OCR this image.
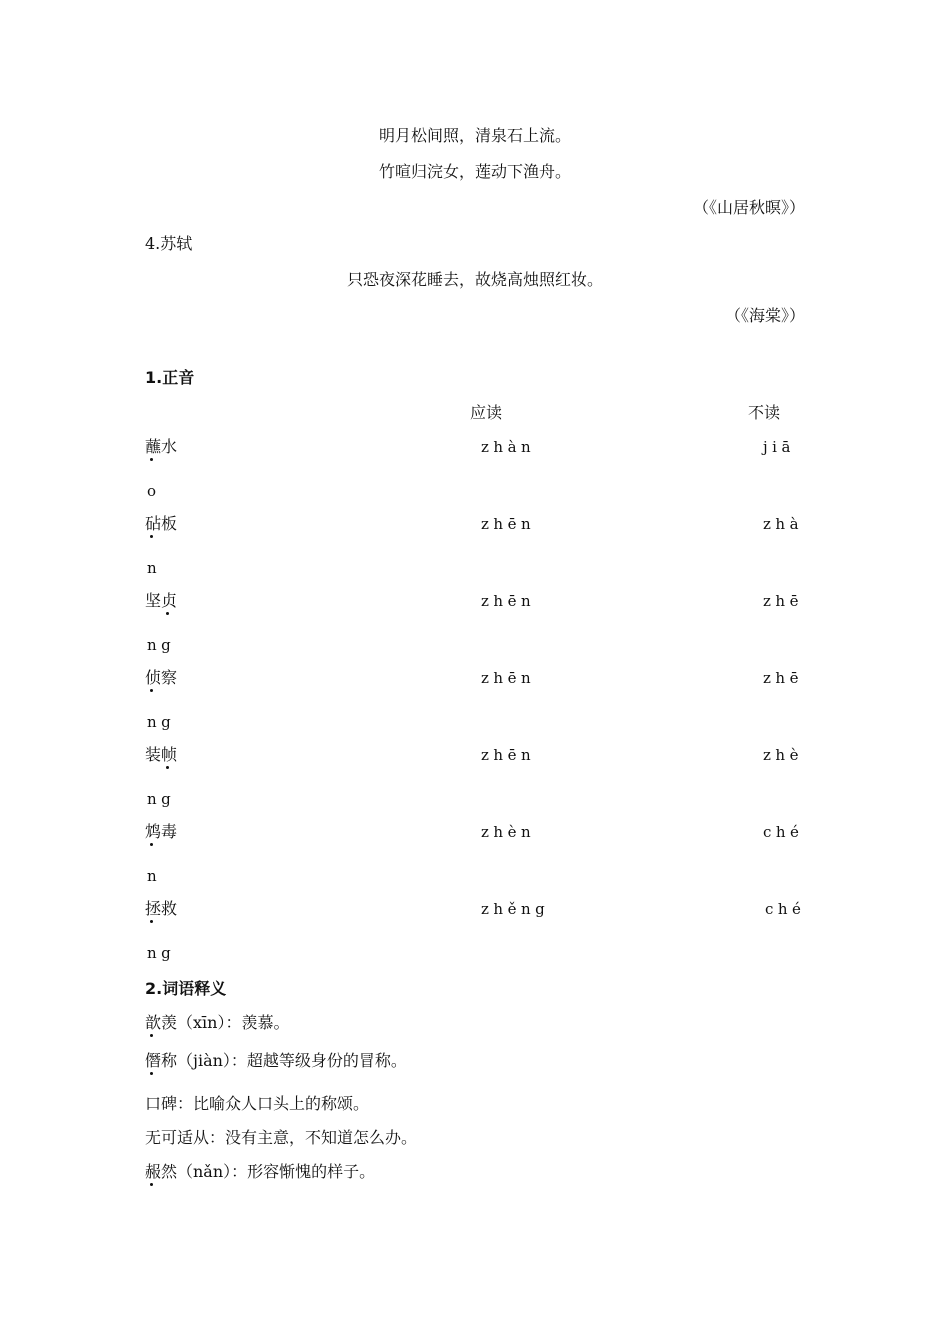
明月松间照，清泉石上流。
竹喧归浣女，莲动下渔舟。
（《山居秋暝》）
4.苏轼
只恐夜深花睡去，故烧高烛照红妆。
（《海棠》）
1.正音
应读	不读
蘸水	zhàn	jiā
o
砧板	zhēn	zhà
n
坚贞	zhēn	zhē
ng
侦察	zhēn	zhē
ng
装帧	zhēn	zhè
ng
鸩毒	zhèn	ché
n
拯救	zhěng	ché
ng
2.词语释义
歆羡（xīn）：羡慕。
僭称（jiàn）：超越等级身份的冒称。
口碑：比喻众人口头上的称颂。
无可适从：没有主意，不知道怎么办。
赧然（nǎn）：形容惭愧的样子。
